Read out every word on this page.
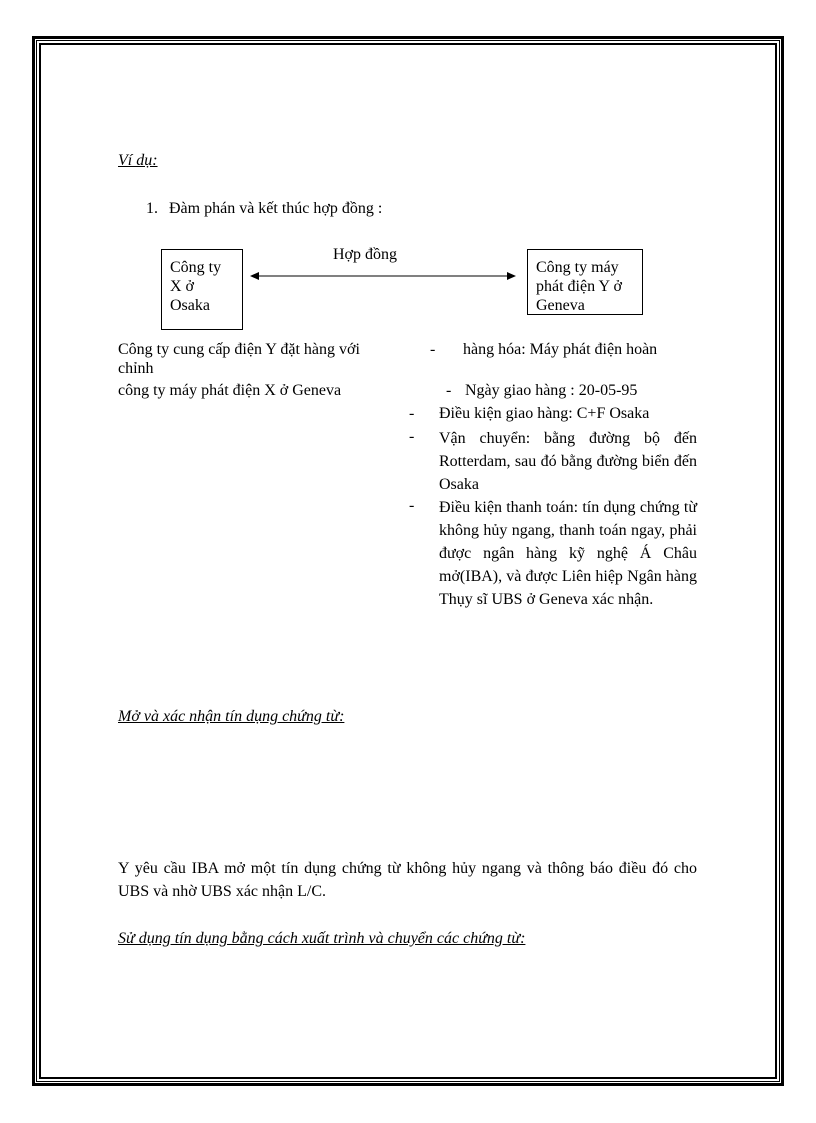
Ví dụ:
1. Đàm phán và kết thúc hợp đồng :
Công ty X ở Osaka
Công ty máy phát điện Y ở Geneva
Hợp đồng
Công ty cung cấp điện Y đặt hàng với
chỉnh
công ty máy phát điện X ở Geneva
- hàng hóa: Máy phát điện hoàn
- Ngày giao hàng : 20-05-95
- Điều kiện giao hàng: C+F Osaka
- Vận chuyển: bằng đường bộ đến Rotterdam, sau đó bằng đường biển đến Osaka
- Điều kiện thanh toán: tín dụng chứng từ không hủy ngang, thanh toán ngay, phải được ngân hàng kỹ nghệ Á Châu mở(IBA), và được Liên hiệp Ngân hàng Thụy sĩ UBS ở Geneva xác nhận.
Mở và xác nhận tín dụng chứng từ:
Y yêu cầu IBA mở một tín dụng chứng từ không hủy ngang và thông báo điều đó cho UBS và nhờ UBS xác nhận L/C.
Sử dụng tín dụng bằng cách xuất trình và chuyển các chứng từ:
